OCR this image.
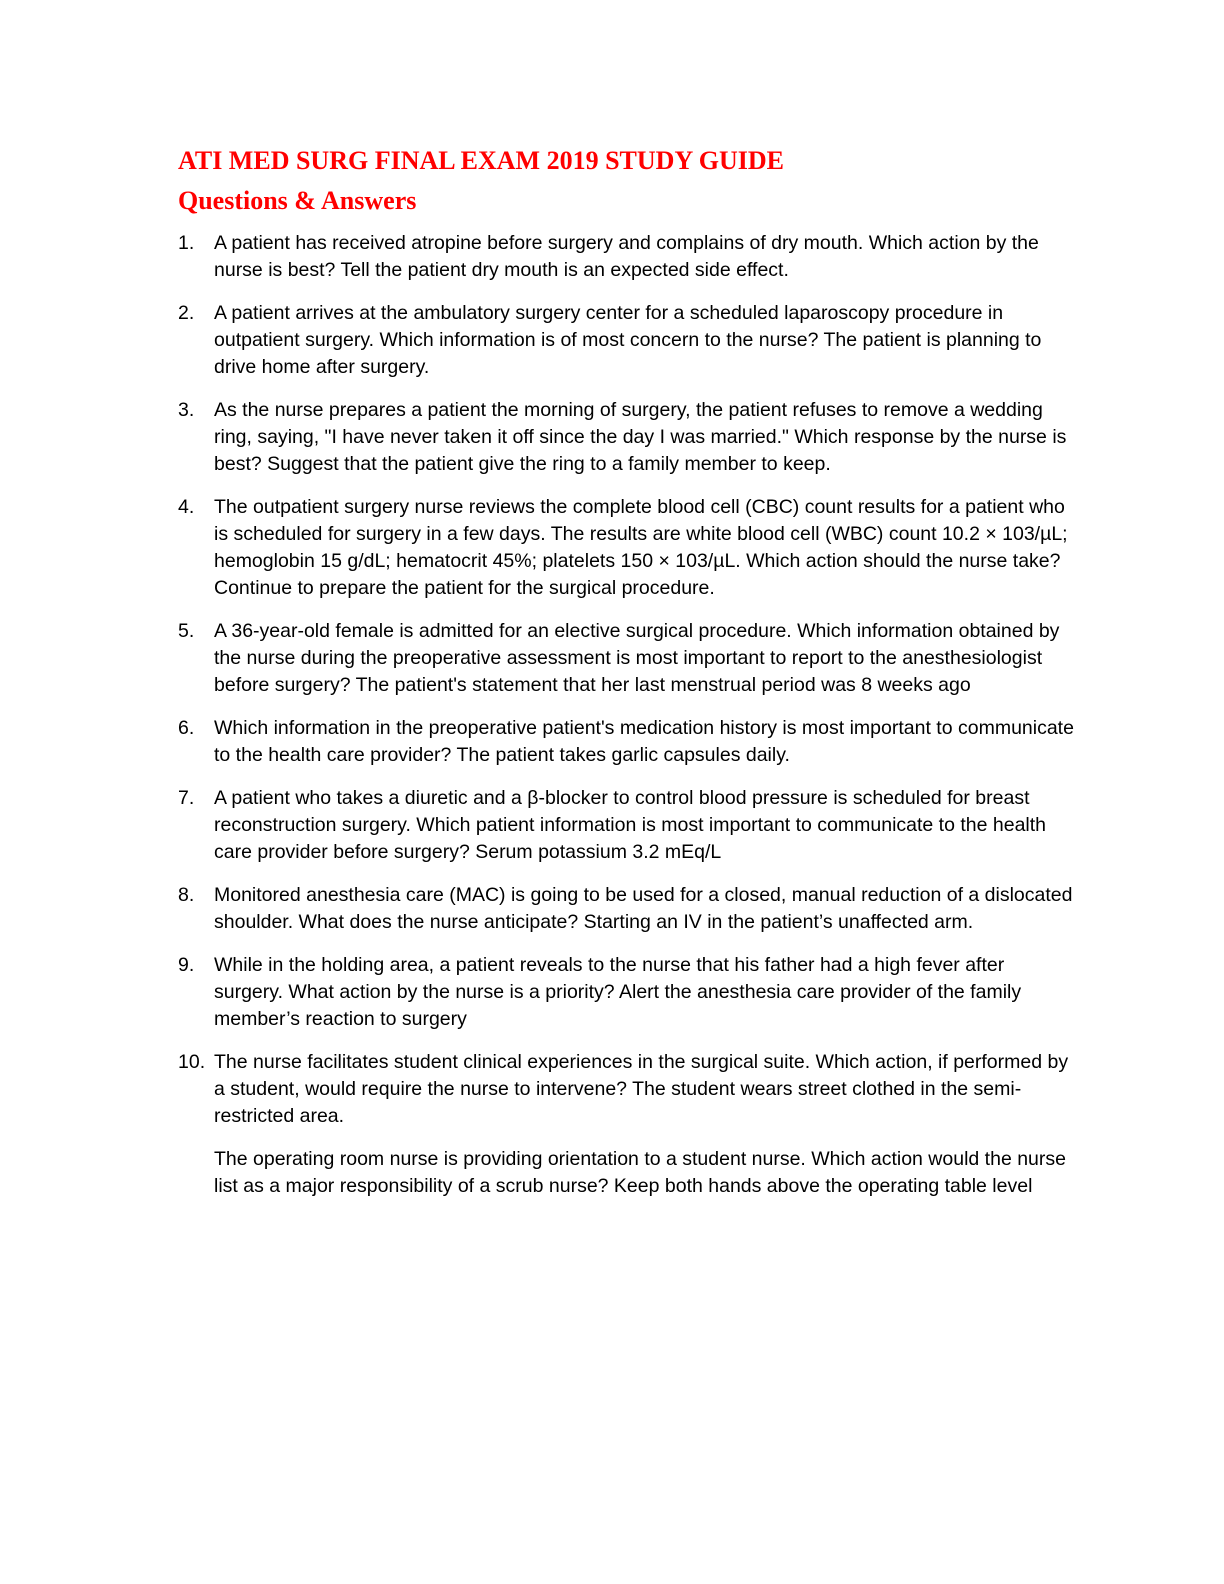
ATI MED SURG FINAL EXAM 2019 STUDY GUIDE
Questions & Answers
1. A patient has received atropine before surgery and complains of dry mouth. Which action by the nurse is best? Tell the patient dry mouth is an expected side effect.
2. A patient arrives at the ambulatory surgery center for a scheduled laparoscopy procedure in outpatient surgery. Which information is of most concern to the nurse? The patient is planning to drive home after surgery.
3. As the nurse prepares a patient the morning of surgery, the patient refuses to remove a wedding ring, saying, "I have never taken it off since the day I was married." Which response by the nurse is best? Suggest that the patient give the ring to a family member to keep.
4. The outpatient surgery nurse reviews the complete blood cell (CBC) count results for a patient who is scheduled for surgery in a few days. The results are white blood cell (WBC) count 10.2 × 103/µL; hemoglobin 15 g/dL; hematocrit 45%; platelets 150 × 103/µL. Which action should the nurse take? Continue to prepare the patient for the surgical procedure.
5. A 36-year-old female is admitted for an elective surgical procedure. Which information obtained by the nurse during the preoperative assessment is most important to report to the anesthesiologist before surgery? The patient's statement that her last menstrual period was 8 weeks ago
6. Which information in the preoperative patient's medication history is most important to communicate to the health care provider? The patient takes garlic capsules daily.
7. A patient who takes a diuretic and a β-blocker to control blood pressure is scheduled for breast reconstruction surgery. Which patient information is most important to communicate to the health care provider before surgery? Serum potassium 3.2 mEq/L
8. Monitored anesthesia care (MAC) is going to be used for a closed, manual reduction of a dislocated shoulder. What does the nurse anticipate? Starting an IV in the patient’s unaffected arm.
9. While in the holding area, a patient reveals to the nurse that his father had a high fever after surgery. What action by the nurse is a priority? Alert the anesthesia care provider of the family member’s reaction to surgery
10. The nurse facilitates student clinical experiences in the surgical suite. Which action, if performed by a student, would require the nurse to intervene? The student wears street clothed in the semi-restricted area.
The operating room nurse is providing orientation to a student nurse. Which action would the nurse list as a major responsibility of a scrub nurse? Keep both hands above the operating table level
